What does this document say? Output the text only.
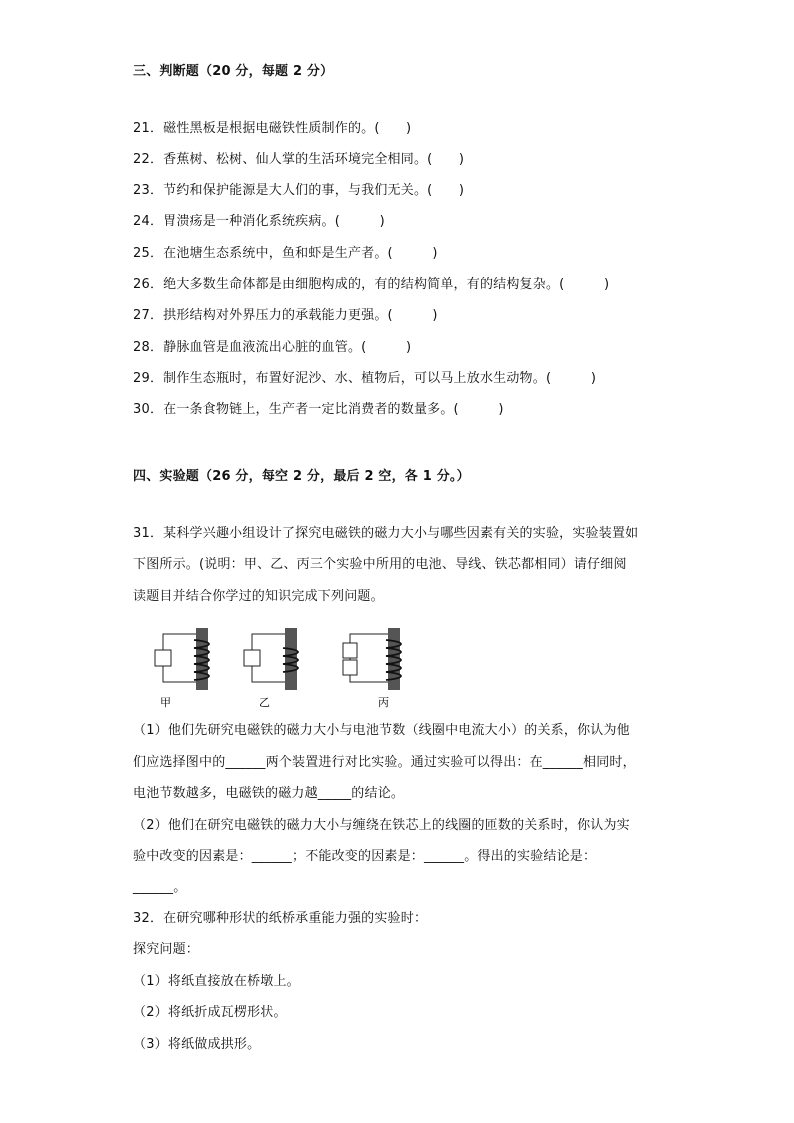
三、判断题（20 分，每题 2 分）
21．磁性黑板是根据电磁铁性质制作的。(　　)
22．香蕉树、松树、仙人掌的生活环境完全相同。(　　)
23．节约和保护能源是大人们的事，与我们无关。(　　)
24．胃溃疡是一种消化系统疾病。(　　　)
25．在池塘生态系统中，鱼和虾是生产者。(　　　)
26．绝大多数生命体都是由细胞构成的，有的结构简单，有的结构复杂。(　　　)
27．拱形结构对外界压力的承载能力更强。(　　　)
28．静脉血管是血液流出心脏的血管。(　　　)
29．制作生态瓶时，布置好泥沙、水、植物后，可以马上放水生动物。(　　　)
30．在一条食物链上，生产者一定比消费者的数量多。(　　　)
四、实验题（26 分，每空 2 分，最后 2 空，各 1 分。）
31．某科学兴趣小组设计了探究电磁铁的磁力大小与哪些因素有关的实验，实验装置如
下图所示。(说明：甲、乙、丙三个实验中所用的电池、导线、铁芯都相同）请仔细阅
读题目并结合你学过的知识完成下列问题。
甲	乙	丙
（1）他们先研究电磁铁的磁力大小与电池节数（线圈中电流大小）的关系，你认为他
们应选择图中的______两个装置进行对比实验。通过实验可以得出：在______相同时，
电池节数越多，电磁铁的磁力越_____的结论。
（2）他们在研究电磁铁的磁力大小与缠绕在铁芯上的线圈的匝数的关系时，你认为实
验中改变的因素是：______；不能改变的因素是：______。得出的实验结论是：
______。
32．在研究哪种形状的纸桥承重能力强的实验时：
探究问题：
（1）将纸直接放在桥墩上。
（2）将纸折成瓦楞形状。
（3）将纸做成拱形。
